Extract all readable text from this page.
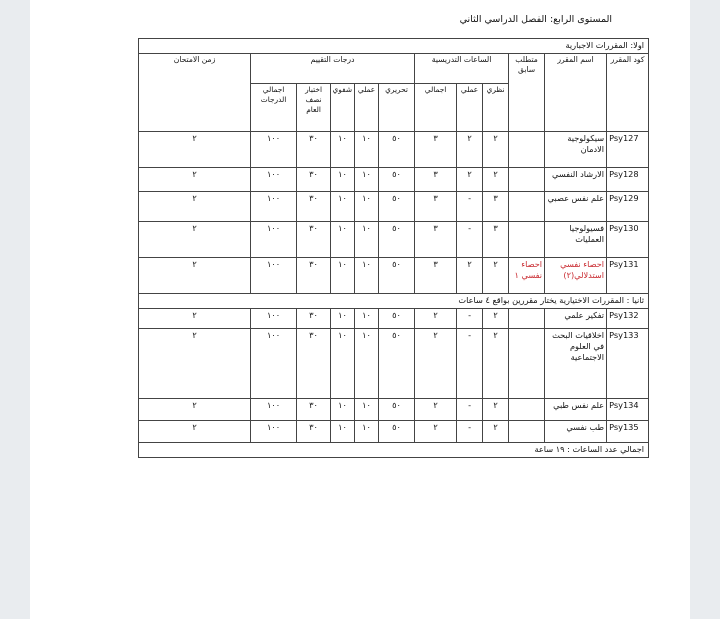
المستوى الرابع: الفصل الدراسي الثاني
اولا: المقررات الاجبارية											
كود المقرر	اسم المقرر	متطلب سابق	الساعات التدريسية			درجات التقييم					زمن الامتحان
			نظري	عملي	اجمالي	تحريري	عملي	شفوي	اختبار نصف العام	اجمالي الدرجات	
Psy127	سيكولوجية الادمان		٢	٢	٣	٥٠	١٠	١٠	٣٠	١٠٠	٢
Psy128	الارشاد النفسي		٢	٢	٣	٥٠	١٠	١٠	٣٠	١٠٠	٢
Psy129	علم نفس عصبي		٣	-	٣	٥٠	١٠	١٠	٣٠	١٠٠	٢
Psy130	فسيولوجيا العمليات		٣	-	٣	٥٠	١٠	١٠	٣٠	١٠٠	٢
Psy131	احصاء نفسي استدلالي(٢)	احصاء نفسي ١	٢	٢	٣	٥٠	١٠	١٠	٣٠	١٠٠	٢
ثانيا : المقررات الاختيارية يختار مقررين بواقع ٤ ساعات											
Psy132	تفكير علمي		٢	-	٢	٥٠	١٠	١٠	٣٠	١٠٠	٢
Psy133	اخلاقيات البحث في العلوم الاجتماعية		٢	-	٢	٥٠	١٠	١٠	٣٠	١٠٠	٢
Psy134	علم نفس طبي		٢	-	٢	٥٠	١٠	١٠	٣٠	١٠٠	٢
Psy135	طب نفسي		٢	-	٢	٥٠	١٠	١٠	٣٠	١٠٠	٢
اجمالي عدد الساعات : ١٩ ساعة											
